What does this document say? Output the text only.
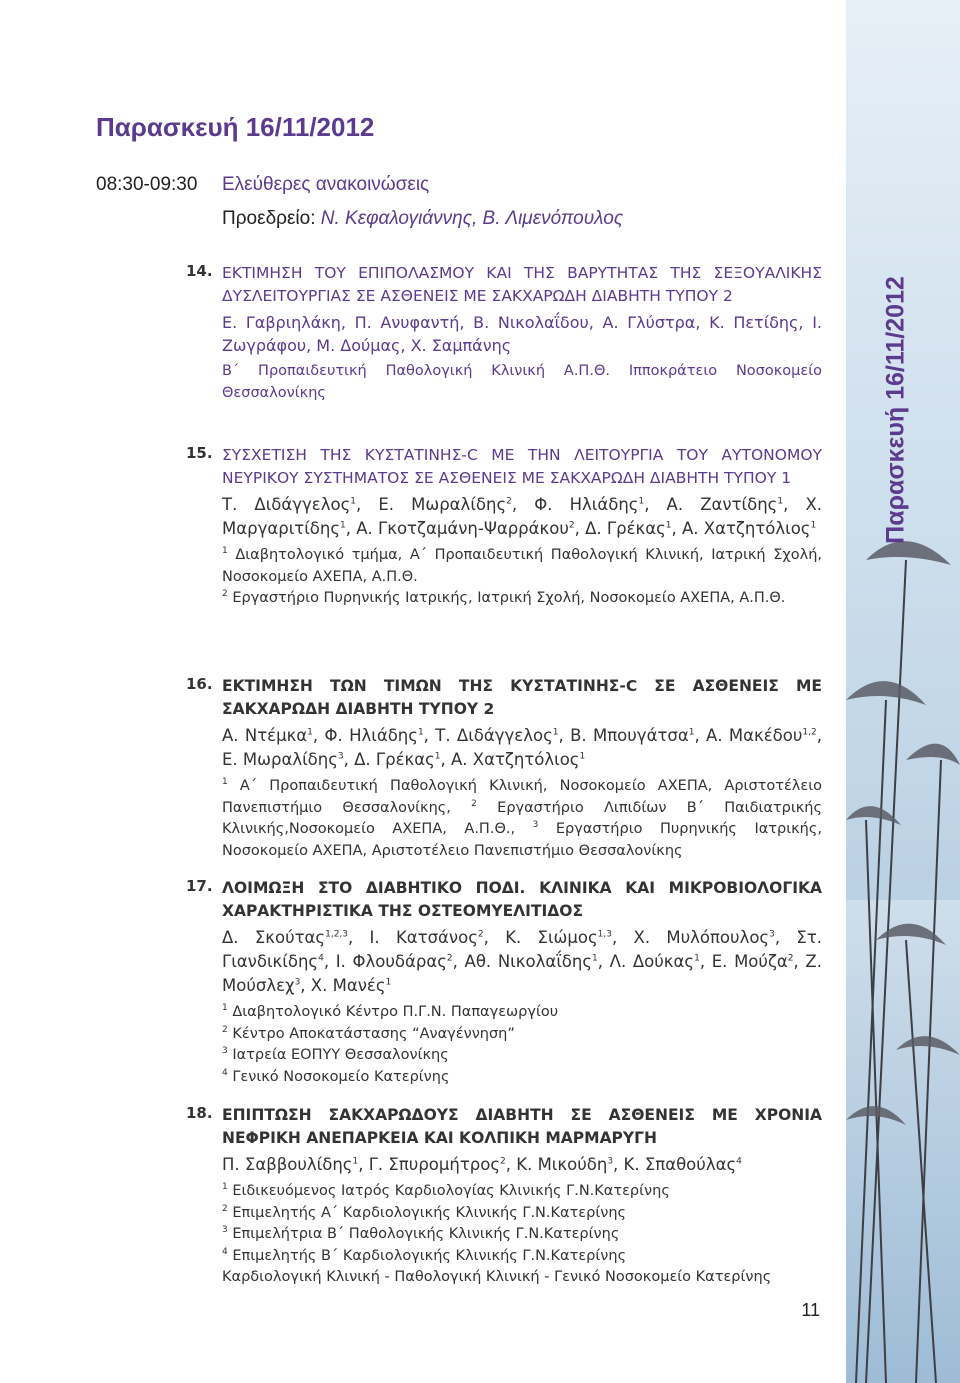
Παρασκευή 16/11/2012
08:30-09:30 Ελεύθερες ανακοινώσεις
Προεδρείο: Ν. Κεφαλογιάννης, Β. Λιμενόπουλος
14. ΕΚΤΙΜΗΣΗ ΤΟΥ ΕΠΙΠΟΛΑΣΜΟΥ ΚΑΙ ΤΗΣ ΒΑΡΥΤΗΤΑΣ ΤΗΣ ΣΕΞΟΥΑΛΙΚΗΣ ΔΥΣΛΕΙΤΟΥΡΓΙΑΣ ΣΕ ΑΣΘΕΝΕΙΣ ΜΕ ΣΑΚΧΑΡΩΔΗ ΔΙΑΒΗΤΗ ΤΥΠΟΥ 2

Ε. Γαβριηλάκη, Π. Ανυφαντή, Β. Νικολαΐδου, Α. Γλύστρα, Κ. Πετίδης, Ι. Ζωγράφου, Μ. Δούμας, Χ. Σαμπάνης

Β΄ Προπαιδευτική Παθολογική Κλινική Α.Π.Θ. Ιπποκράτειο Νοσοκομείο Θεσσαλονίκης

15. ΣΥΣΧΕΤΙΣΗ ΤΗΣ ΚΥΣΤΑΤΙΝΗΣ-C ΜΕ ΤΗΝ ΛΕΙΤΟΥΡΓΙΑ ΤΟΥ ΑΥΤΟΝΟΜΟΥ ΝΕΥΡΙΚΟΥ ΣΥΣΤΗΜΑΤΟΣ ΣΕ ΑΣΘΕΝΕΙΣ ΜΕ ΣΑΚΧΑΡΩΔΗ ΔΙΑΒΗΤΗ ΤΥΠΟΥ 1

Τ. Διδάγγελος$^1$, Ε. Μωραλίδης$^2$, Φ. Ηλιάδης$^1$, Α. Ζαντίδης$^1$, Χ. Μαργαριτίδης$^1$, Α. Γκοτζαμάνη-Ψαρράκου$^2$, Δ. Γρέκας$^1$, Α. Χατζητόλιος$^1$

$^1$ Διαβητολογικό τμήμα, Α΄ Προπαιδευτική Παθολογική Κλινική, Ιατρική Σχολή, Νοσοκομείο ΑΧΕΠΑ, Α.Π.Θ.

$^2$ Εργαστήριο Πυρηνικής Ιατρικής, Ιατρική Σχολή, Νοσοκομείο ΑΧΕΠΑ, Α.Π.Θ.

16. ΕΚΤΙΜΗΣΗ ΤΩΝ ΤΙΜΩΝ ΤΗΣ ΚΥΣΤΑΤΙΝΗΣ-C ΣΕ ΑΣΘΕΝΕΙΣ ΜΕ ΣΑΚΧΑΡΩΔΗ ΔΙΑΒΗΤΗ ΤΥΠΟΥ 2

Α. Ντέμκα$^1$, Φ. Ηλιάδης$^1$, Τ. Διδάγγελος$^1$, Β. Μπουγάτσα$^1$, Α. Μακέδου$^{1,2}$, Ε. Μωραλίδης$^3$, Δ. Γρέκας$^1$, Α. Χατζητόλιος$^1$

$^1$ Α΄ Προπαιδευτική Παθολογική Κλινική, Νοσοκομείο ΑΧΕΠΑ, Αριστοτέλειο Πανεπιστήμιο Θεσσαλονίκης, $^2$ Εργαστήριο Λιπιδίων Β΄ Παιδιατρικής Κλινικής,Νοσοκομείο ΑΧΕΠΑ, Α.Π.Θ., $^3$ Εργαστήριο Πυρηνικής Ιατρικής, Νοσοκομείο ΑΧΕΠΑ, Αριστοτέλειο Πανεπιστήμιο Θεσσαλονίκης

17. ΛΟΙΜΩΞΗ ΣΤΟ ΔΙΑΒΗΤΙΚΟ ΠΟΔΙ. ΚΛΙΝΙΚΑ ΚΑΙ ΜΙΚΡΟΒΙΟΛΟΓΙΚΑ ΧΑΡΑΚΤΗΡΙΣΤΙΚΑ ΤΗΣ ΟΣΤΕΟΜΥΕΛΙΤΙΔΟΣ

Δ. Σκούτας$^{1,2,3}$, Ι. Κατσάνος$^2$, Κ. Σιώμος$^{1,3}$, Χ. Μυλόπουλος$^3$, Στ. Γιανδικίδης$^4$, Ι. Φλουδάρας$^2$, Αθ. Νικολαΐδης$^1$, Λ. Δούκας$^1$, Ε. Μούζα$^2$, Ζ. Μούσλεχ$^3$, Χ. Μανές$^1$

$^1$ Διαβητολογικό Κέντρο Π.Γ.Ν. Παπαγεωργίου

$^2$ Κέντρο Αποκατάστασης “Αναγέννηση”

$^3$ Ιατρεία ΕΟΠΥΥ Θεσσαλονίκης

$^4$ Γενικό Νοσοκομείο Κατερίνης

18. ΕΠΙΠΤΩΣΗ ΣΑΚΧΑΡΩΔΟΥΣ ΔΙΑΒΗΤΗ ΣΕ ΑΣΘΕΝΕΙΣ ΜΕ ΧΡΟΝΙΑ ΝΕΦΡΙΚΗ ΑΝΕΠΑΡΚΕΙΑ ΚΑΙ ΚΟΛΠΙΚΗ ΜΑΡΜΑΡΥΓΗ

Π. Σαββουλίδης$^1$, Γ. Σπυρομήτρος$^2$, Κ. Μικούδη$^3$, Κ. Σπαθούλας$^4$

$^1$ Ειδικευόμενος Ιατρός Καρδιολογίας Κλινικής Γ.Ν.Κατερίνης

$^2$ Επιμελητής Α΄ Καρδιολογικής Κλινικής Γ.Ν.Κατερίνης

$^3$ Επιμελήτρια Β΄ Παθολογικής Κλινικής Γ.Ν.Κατερίνης

$^4$ Επιμελητής Β΄ Καρδιολογικής Κλινικής Γ.Ν.Κατερίνης

Καρδιολογική Κλινική - Παθολογική Κλινική - Γενικό Νοσοκομείο Κατερίνης

Παρασκευή 16/11/2012
11
